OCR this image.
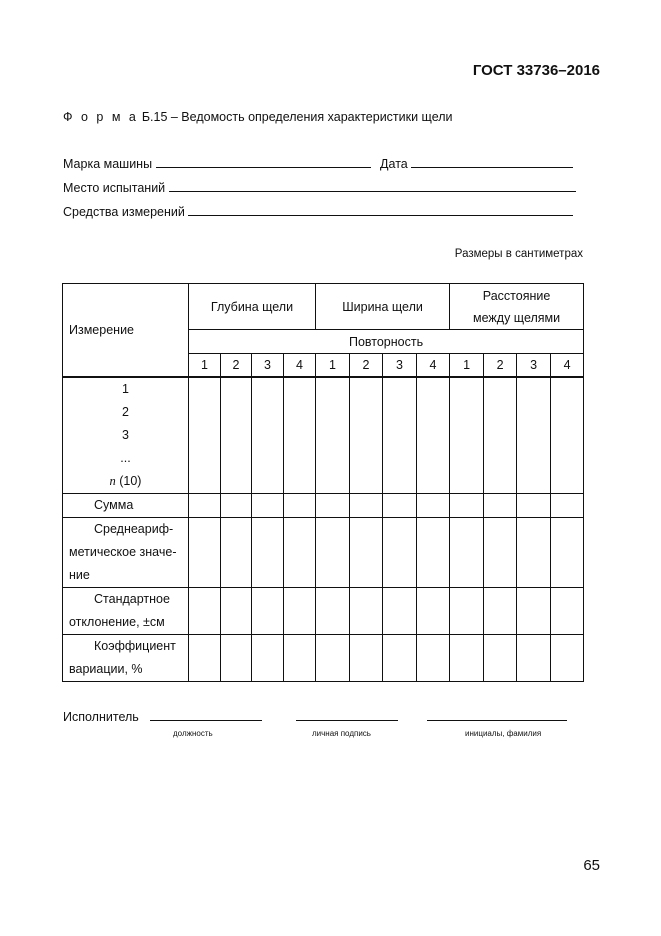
ГОСТ 33736–2016
Ф о р м а Б.15 – Ведомость определения характеристики щели
Марка машины	Дата
Место испытаний
Средства измерений
Размеры в сантиметрах
Измерение	Глубина щели				Ширина щели				Расстояние
между щелями			

	Повторность											
	1	2	3	4	1	2	3	4	1	2	3	4

1
2
3
...
n (10)												

Сумма												

Среднеариф-
метическое значе-
ние												

Стандартное
отклонение, ±см												

Коэффициент
вариации, %												

Исполнитель
должность	личная подпись	инициалы, фамилия
65
